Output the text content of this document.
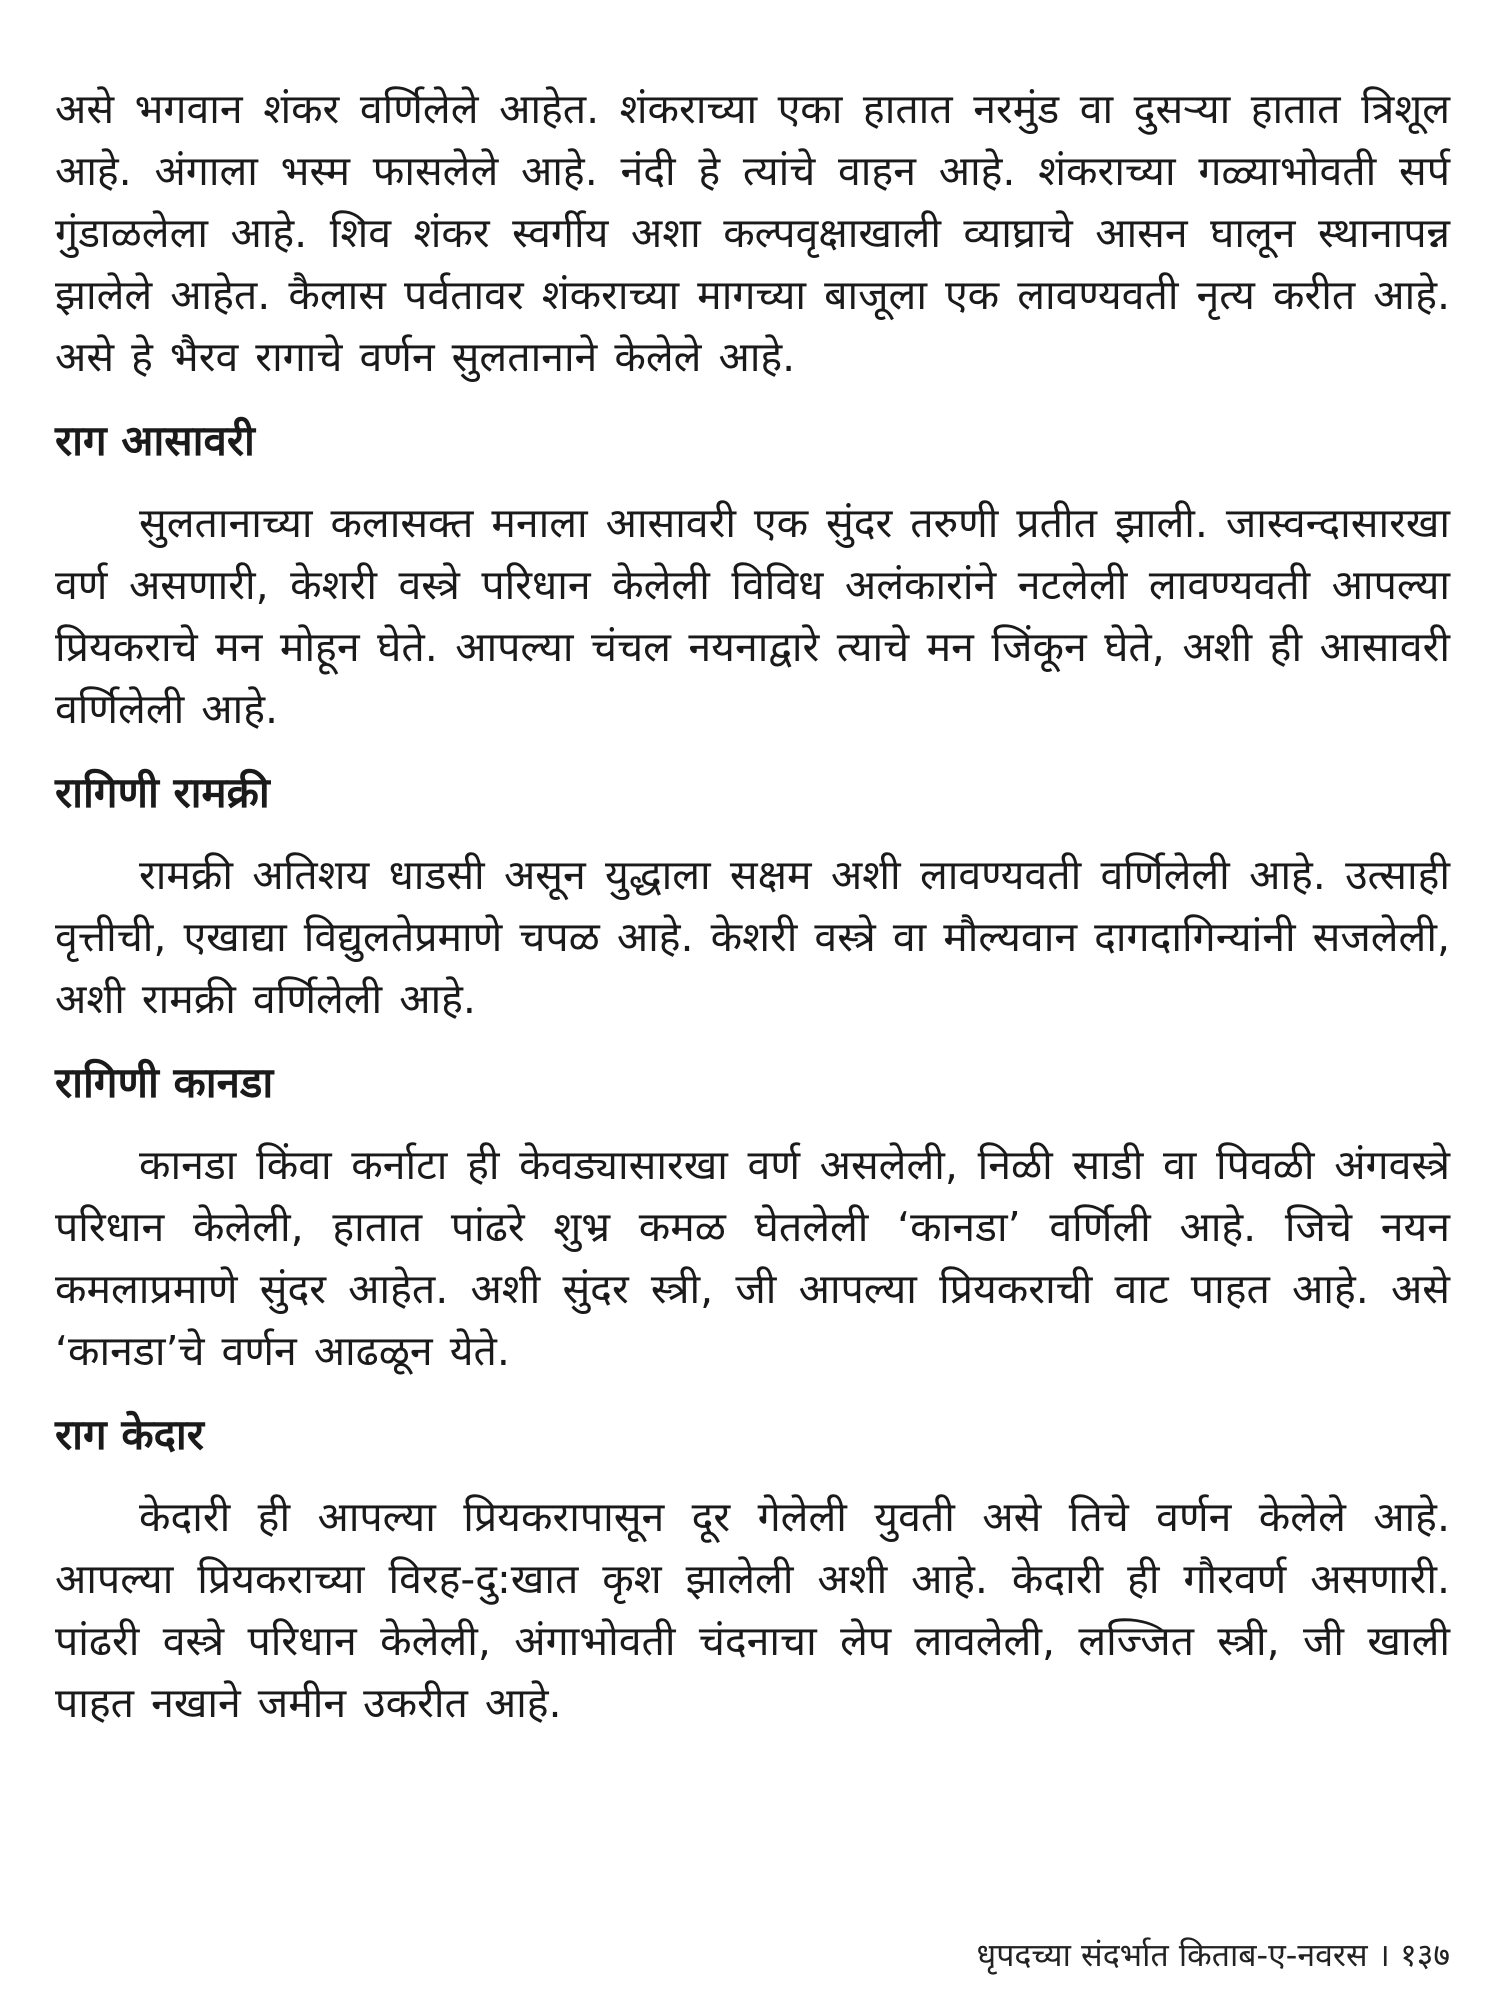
असे भगवान शंकर वर्णिलेले आहेत. शंकराच्या एका हातात नरमुंड वा दुसऱ्या हातात त्रिशूल आहे. अंगाला भस्म फासलेले आहे. नंदी हे त्यांचे वाहन आहे. शंकराच्या गळ्याभोवती सर्प गुंडाळलेला आहे. शिव शंकर स्वर्गीय अशा कल्पवृक्षाखाली व्याघ्राचे आसन घालून स्थानापन्न झालेले आहेत. कैलास पर्वतावर शंकराच्या मागच्या बाजूला एक लावण्यवती नृत्य करीत आहे. असे हे भैरव रागाचे वर्णन सुलतानाने केलेले आहे.

राग आसावरी

सुलतानाच्या कलासक्त मनाला आसावरी एक सुंदर तरुणी प्रतीत झाली. जास्वन्दासारखा वर्ण असणारी, केशरी वस्त्रे परिधान केलेली विविध अलंकारांने नटलेली लावण्यवती आपल्या प्रियकराचे मन मोहून घेते. आपल्या चंचल नयनाद्वारे त्याचे मन जिंकून घेते, अशी ही आसावरी वर्णिलेली आहे.

रागिणी रामक्री

रामक्री अतिशय धाडसी असून युद्धाला सक्षम अशी लावण्यवती वर्णिलेली आहे. उत्साही वृत्तीची, एखाद्या विद्युलतेप्रमाणे चपळ आहे. केशरी वस्त्रे वा मौल्यवान दागदागिन्यांनी सजलेली, अशी रामक्री वर्णिलेली आहे.

रागिणी कानडा

कानडा किंवा कर्नाटा ही केवड्यासारखा वर्ण असलेली, निळी साडी वा पिवळी अंगवस्त्रे परिधान केलेली, हातात पांढरे शुभ्र कमळ घेतलेली ‘कानडा’ वर्णिली आहे. जिचे नयन कमलाप्रमाणे सुंदर आहेत. अशी सुंदर स्त्री, जी आपल्या प्रियकराची वाट पाहत आहे. असे ‘कानडा’चे वर्णन आढळून येते.

राग केदार

केदारी ही आपल्या प्रियकरापासून दूर गेलेली युवती असे तिचे वर्णन केलेले आहे. आपल्या प्रियकराच्या विरह-दु:खात कृश झालेली अशी आहे. केदारी ही गौरवर्ण असणारी. पांढरी वस्त्रे परिधान केलेली, अंगाभोवती चंदनाचा लेप लावलेली, लज्जित स्त्री, जी खाली पाहत नखाने जमीन उकरीत आहे.

धृपदच्या संदर्भात किताब-ए-नवरस । १३७
